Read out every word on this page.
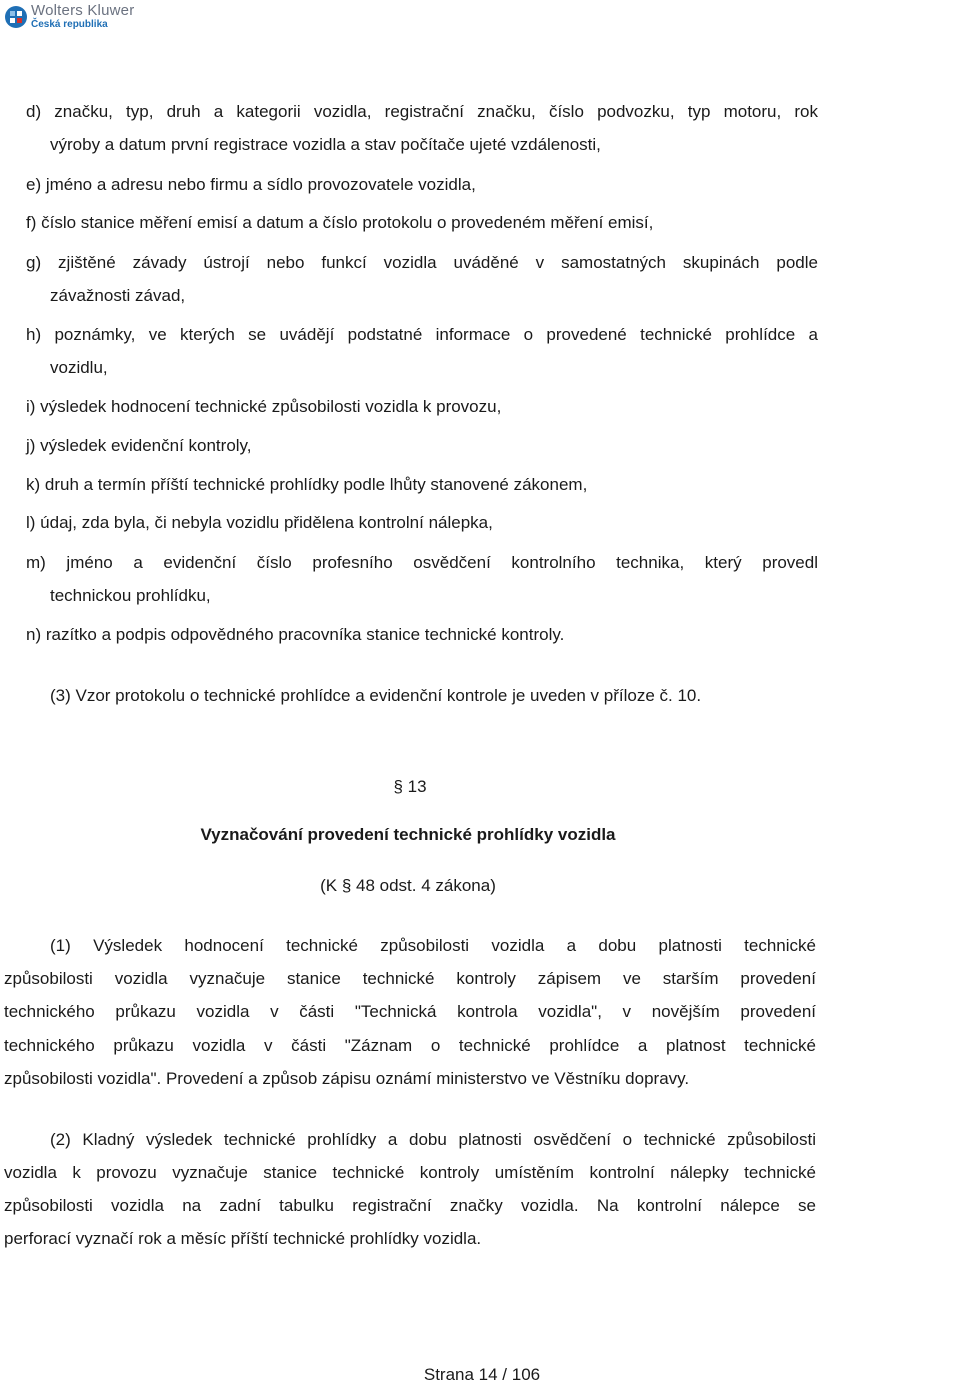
Wolters Kluwer
Česká republika
d) značku, typ, druh a kategorii vozidla, registrační značku, číslo podvozku, typ motoru, rok
výroby a datum první registrace vozidla a stav počítače ujeté vzdálenosti,
e) jméno a adresu nebo firmu a sídlo provozovatele vozidla,
f) číslo stanice měření emisí a datum a číslo protokolu o provedeném měření emisí,
g) zjištěné závady ústrojí nebo funkcí vozidla uváděné v samostatných skupinách podle
závažnosti závad,
h) poznámky, ve kterých se uvádějí podstatné informace o provedené technické prohlídce a
vozidlu,
i) výsledek hodnocení technické způsobilosti vozidla k provozu,
j) výsledek evidenční kontroly,
k) druh a termín příští technické prohlídky podle lhůty stanovené zákonem,
l) údaj, zda byla, či nebyla vozidlu přidělena kontrolní nálepka,
m) jméno a evidenční číslo profesního osvědčení kontrolního technika, který provedl
technickou prohlídku,
n) razítko a podpis odpovědného pracovníka stanice technické kontroly.
(3) Vzor protokolu o technické prohlídce a evidenční kontrole je uveden v příloze č. 10.
§ 13
Vyznačování provedení technické prohlídky vozidla
(K § 48 odst. 4 zákona)
(1) Výsledek hodnocení technické způsobilosti vozidla a dobu platnosti technické
způsobilosti vozidla vyznačuje stanice technické kontroly zápisem ve starším provedení
technického průkazu vozidla v části "Technická kontrola vozidla", v novějším provedení
technického průkazu vozidla v části "Záznam o technické prohlídce a platnost technické
způsobilosti vozidla". Provedení a způsob zápisu oznámí ministerstvo ve Věstníku dopravy.
(2) Kladný výsledek technické prohlídky a dobu platnosti osvědčení o technické způsobilosti
vozidla k provozu vyznačuje stanice technické kontroly umístěním kontrolní nálepky technické
způsobilosti vozidla na zadní tabulku registrační značky vozidla. Na kontrolní nálepce se
perforací vyznačí rok a měsíc příští technické prohlídky vozidla.
Strana 14 / 106
